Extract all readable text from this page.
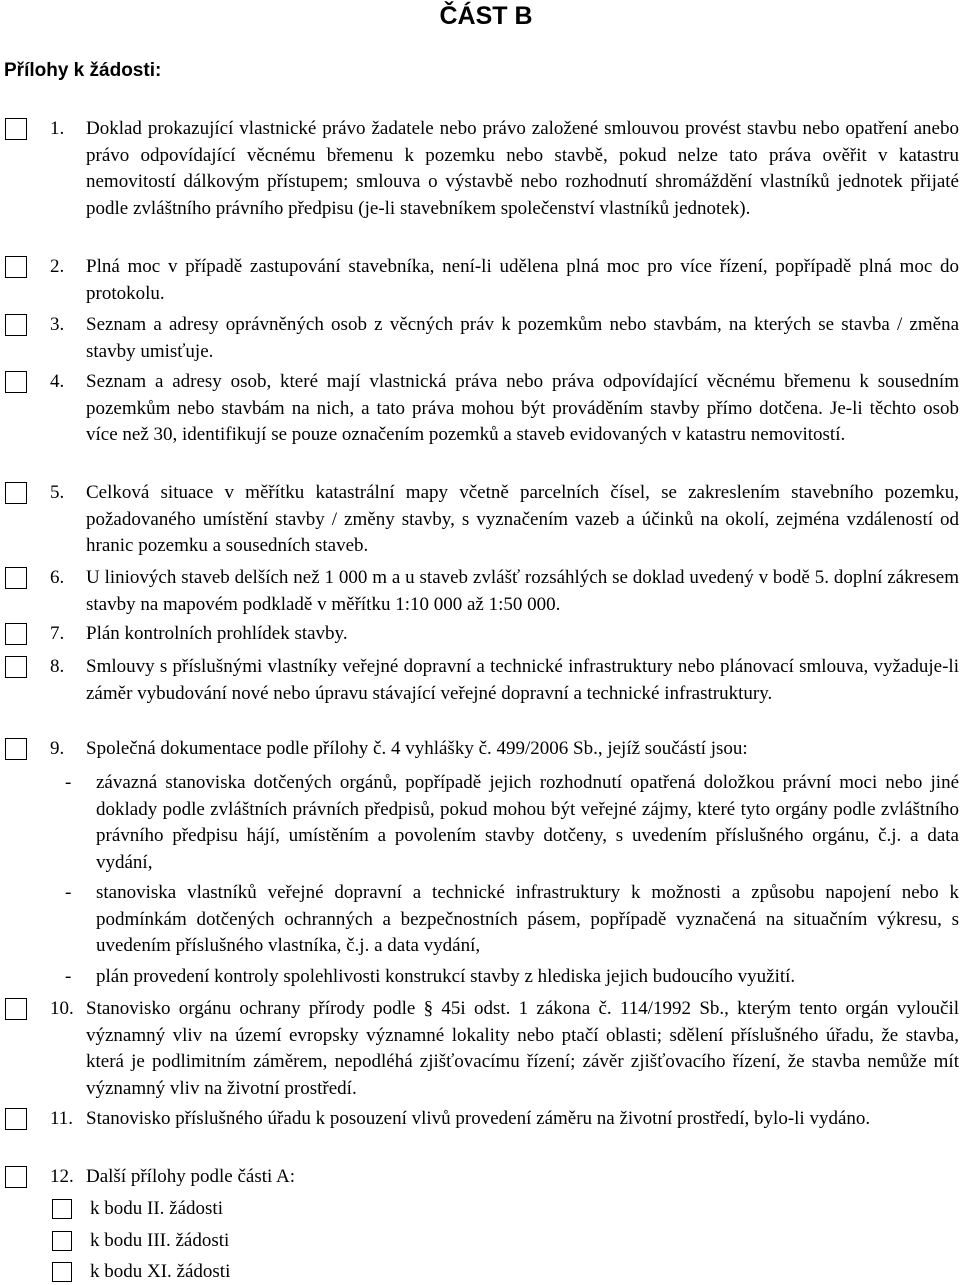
ČÁST B
Přílohy k žádosti:
1. Doklad prokazující vlastnické právo žadatele nebo právo založené smlouvou provést stavbu nebo opatření anebo právo odpovídající věcnému břemenu k pozemku nebo stavbě, pokud nelze tato práva ověřit v katastru nemovitostí dálkovým přístupem; smlouva o výstavbě nebo rozhodnutí shromáždění vlastníků jednotek přijaté podle zvláštního právního předpisu (je-li stavebníkem společenství vlastníků jednotek).
2. Plná moc v případě zastupování stavebníka, není-li udělena plná moc pro více řízení, popřípadě plná moc do protokolu.
3. Seznam a adresy oprávněných osob z věcných práv k pozemkům nebo stavbám, na kterých se stavba / změna stavby umisťuje.
4. Seznam a adresy osob, které mají vlastnická práva nebo práva odpovídající věcnému břemenu k sousedním pozemkům nebo stavbám na nich, a tato práva mohou být prováděním stavby přímo dotčena. Je-li těchto osob více než 30, identifikují se pouze označením pozemků a staveb evidovaných v katastru nemovitostí.
5. Celková situace v měřítku katastrální mapy včetně parcelních čísel, se zakreslením stavebního pozemku, požadovaného umístění stavby / změny stavby, s vyznačením vazeb a účinků na okolí, zejména vzdáleností od hranic pozemku a sousedních staveb.
6. U liniových staveb delších než 1 000 m a u staveb zvlášť rozsáhlých se doklad uvedený v bodě 5. doplní zákresem stavby na mapovém podkladě v měřítku 1:10 000 až 1:50 000.
7. Plán kontrolních prohlídek stavby.
8. Smlouvy s příslušnými vlastníky veřejné dopravní a technické infrastruktury nebo plánovací smlouva, vyžaduje-li záměr vybudování nové nebo úpravu stávající veřejné dopravní a technické infrastruktury.
9. Společná dokumentace podle přílohy č. 4 vyhlášky č. 499/2006 Sb., jejíž součástí jsou:
- závazná stanoviska dotčených orgánů, popřípadě jejich rozhodnutí opatřená doložkou právní moci nebo jiné doklady podle zvláštních právních předpisů, pokud mohou být veřejné zájmy, které tyto orgány podle zvláštního právního předpisu hájí, umístěním a povolením stavby dotčeny, s uvedením příslušného orgánu, č.j. a data vydání,
- stanoviska vlastníků veřejné dopravní a technické infrastruktury k možnosti a způsobu napojení nebo k podmínkám dotčených ochranných a bezpečnostních pásem, popřípadě vyznačená na situačním výkresu, s uvedením příslušného vlastníka, č.j. a data vydání,
- plán provedení kontroly spolehlivosti konstrukcí stavby z hlediska jejich budoucího využití.
10. Stanovisko orgánu ochrany přírody podle § 45i odst. 1 zákona č. 114/1992 Sb., kterým tento orgán vyloučil významný vliv na území evropsky významné lokality nebo ptačí oblasti; sdělení příslušného úřadu, že stavba, která je podlimitním záměrem, nepodléhá zjišťovacímu řízení; závěr zjišťovacího řízení, že stavba nemůže mít významný vliv na životní prostředí.
11. Stanovisko příslušného úřadu k posouzení vlivů provedení záměru na životní prostředí, bylo-li vydáno.
12. Další přílohy podle části A:
k bodu II. žádosti
k bodu III. žádosti
k bodu XI. žádosti
